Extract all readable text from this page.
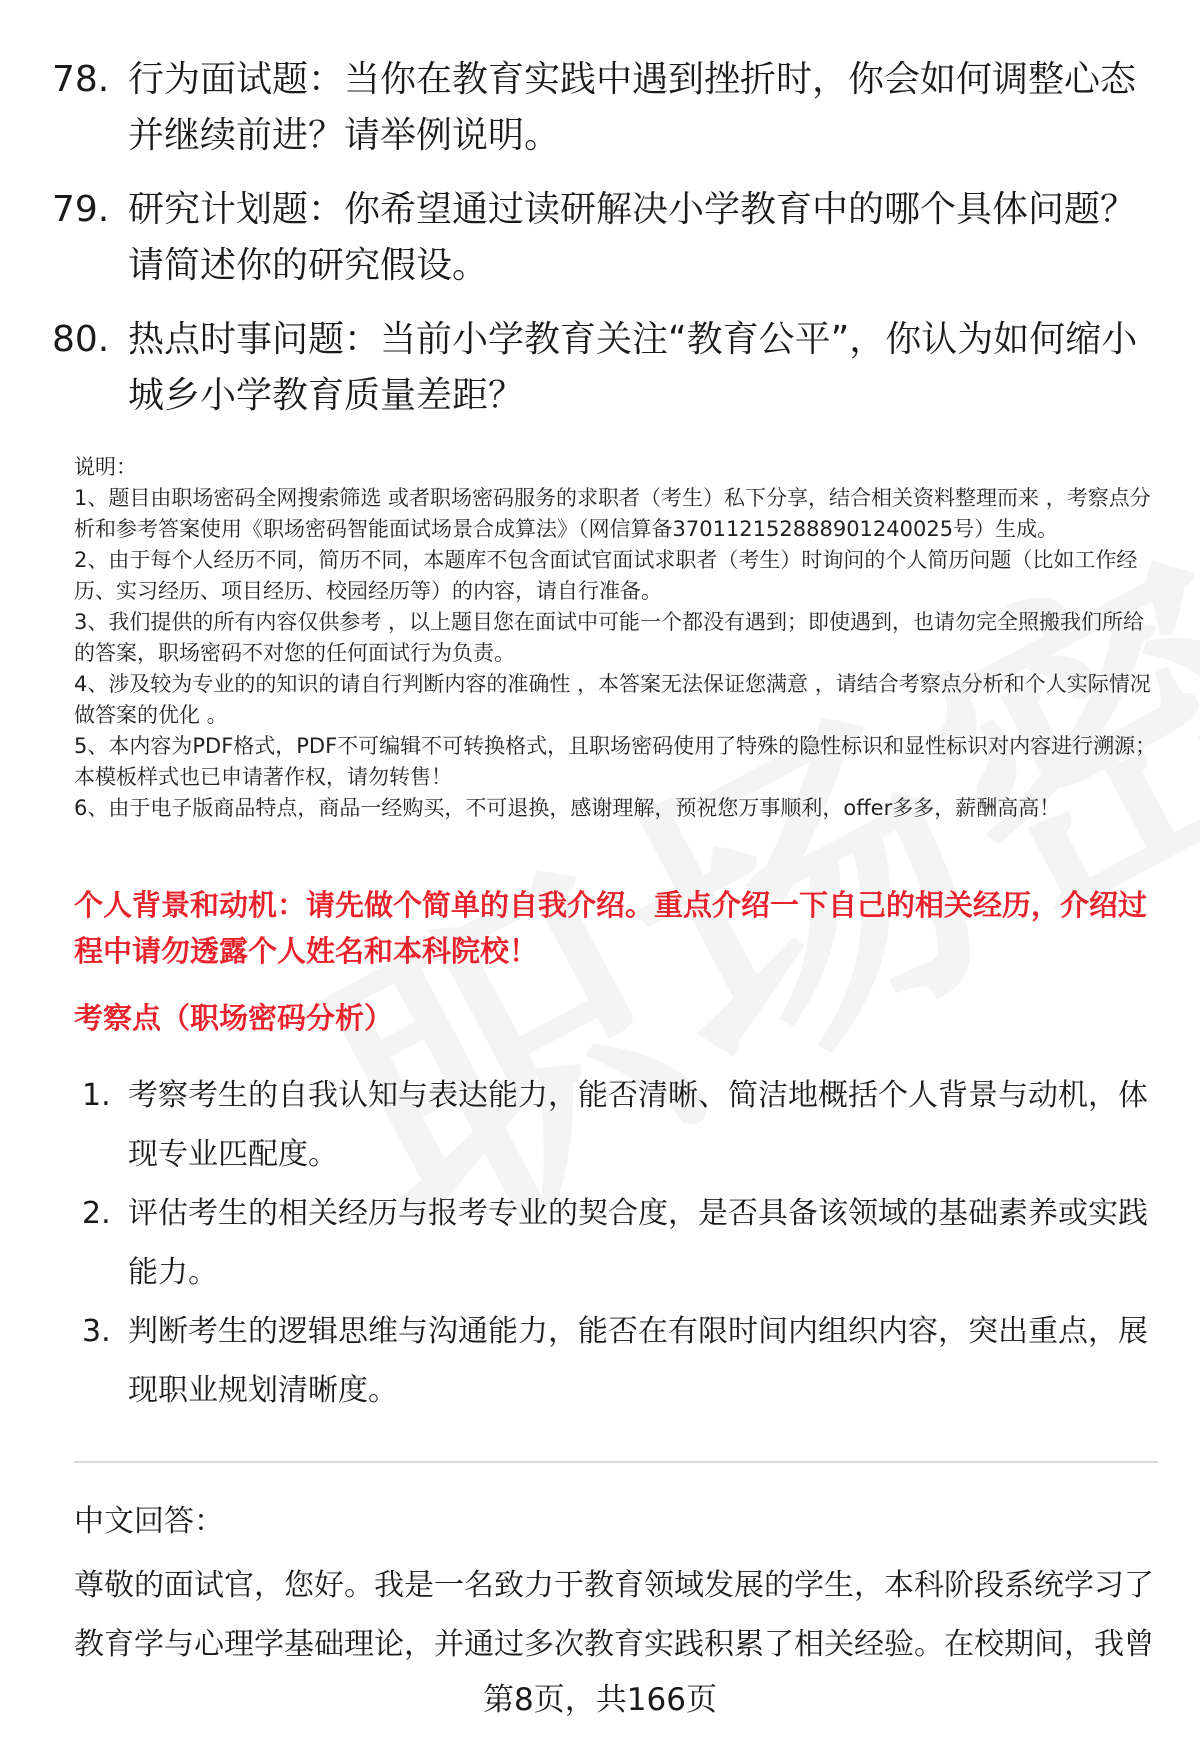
78. 行为面试题：当你在教育实践中遇到挫折时，你会如何调整心态并继续前进？请举例说明。
79. 研究计划题：你希望通过读研解决小学教育中的哪个具体问题？请简述你的研究假设。
80. 热点时事问题：当前小学教育关注“教育公平”，你认为如何缩小城乡小学教育质量差距？

说明：

1、题目由职场密码全网搜索筛选 或者职场密码服务的求职者（考生）私下分享，结合相关资料整理而来 ，考察点分析和参考答案使用《职场密码智能面试场景合成算法》（网信算备370112152888901240025号）生成。

2、由于每个人经历不同，简历不同，本题库不包含面试官面试求职者（考生）时询问的个人简历问题（比如工作经历、实习经历、项目经历、校园经历等）的内容，请自行准备。

3、我们提供的所有内容仅供参考 ，以上题目您在面试中可能一个都没有遇到；即使遇到，也请勿完全照搬我们所给的答案，职场密码不对您的任何面试行为负责。

4、涉及较为专业的的知识的请自行判断内容的准确性 ，本答案无法保证您满意 ，请结合考察点分析和个人实际情况做答案的优化 。

5、本内容为PDF格式，PDF不可编辑不可转换格式，且职场密码使用了特殊的隐性标识和显性标识对内容进行溯源；本模板样式也已申请著作权，请勿转售！

6、由于电子版商品特点，商品一经购买，不可退换，感谢理解，预祝您万事顺利，offer多多，薪酬高高！

个人背景和动机：请先做个简单的自我介绍。重点介绍一下自己的相关经历，介绍过程中请勿透露个人姓名和本科院校！
考察点（职场密码分析）
1. 考察考生的自我认知与表达能力，能否清晰、简洁地概括个人背景与动机，体现专业匹配度。
2. 评估考生的相关经历与报考专业的契合度，是否具备该领域的基础素养或实践能力。
3. 判断考生的逻辑思维与沟通能力，能否在有限时间内组织内容，突出重点，展现职业规划清晰度。
中文回答：

尊敬的面试官，您好。我是一名致力于教育领域发展的学生，本科阶段系统学习了教育学与心理学基础理论，并通过多次教育实践积累了相关经验。在校期间，我曾

第8页，共166页
